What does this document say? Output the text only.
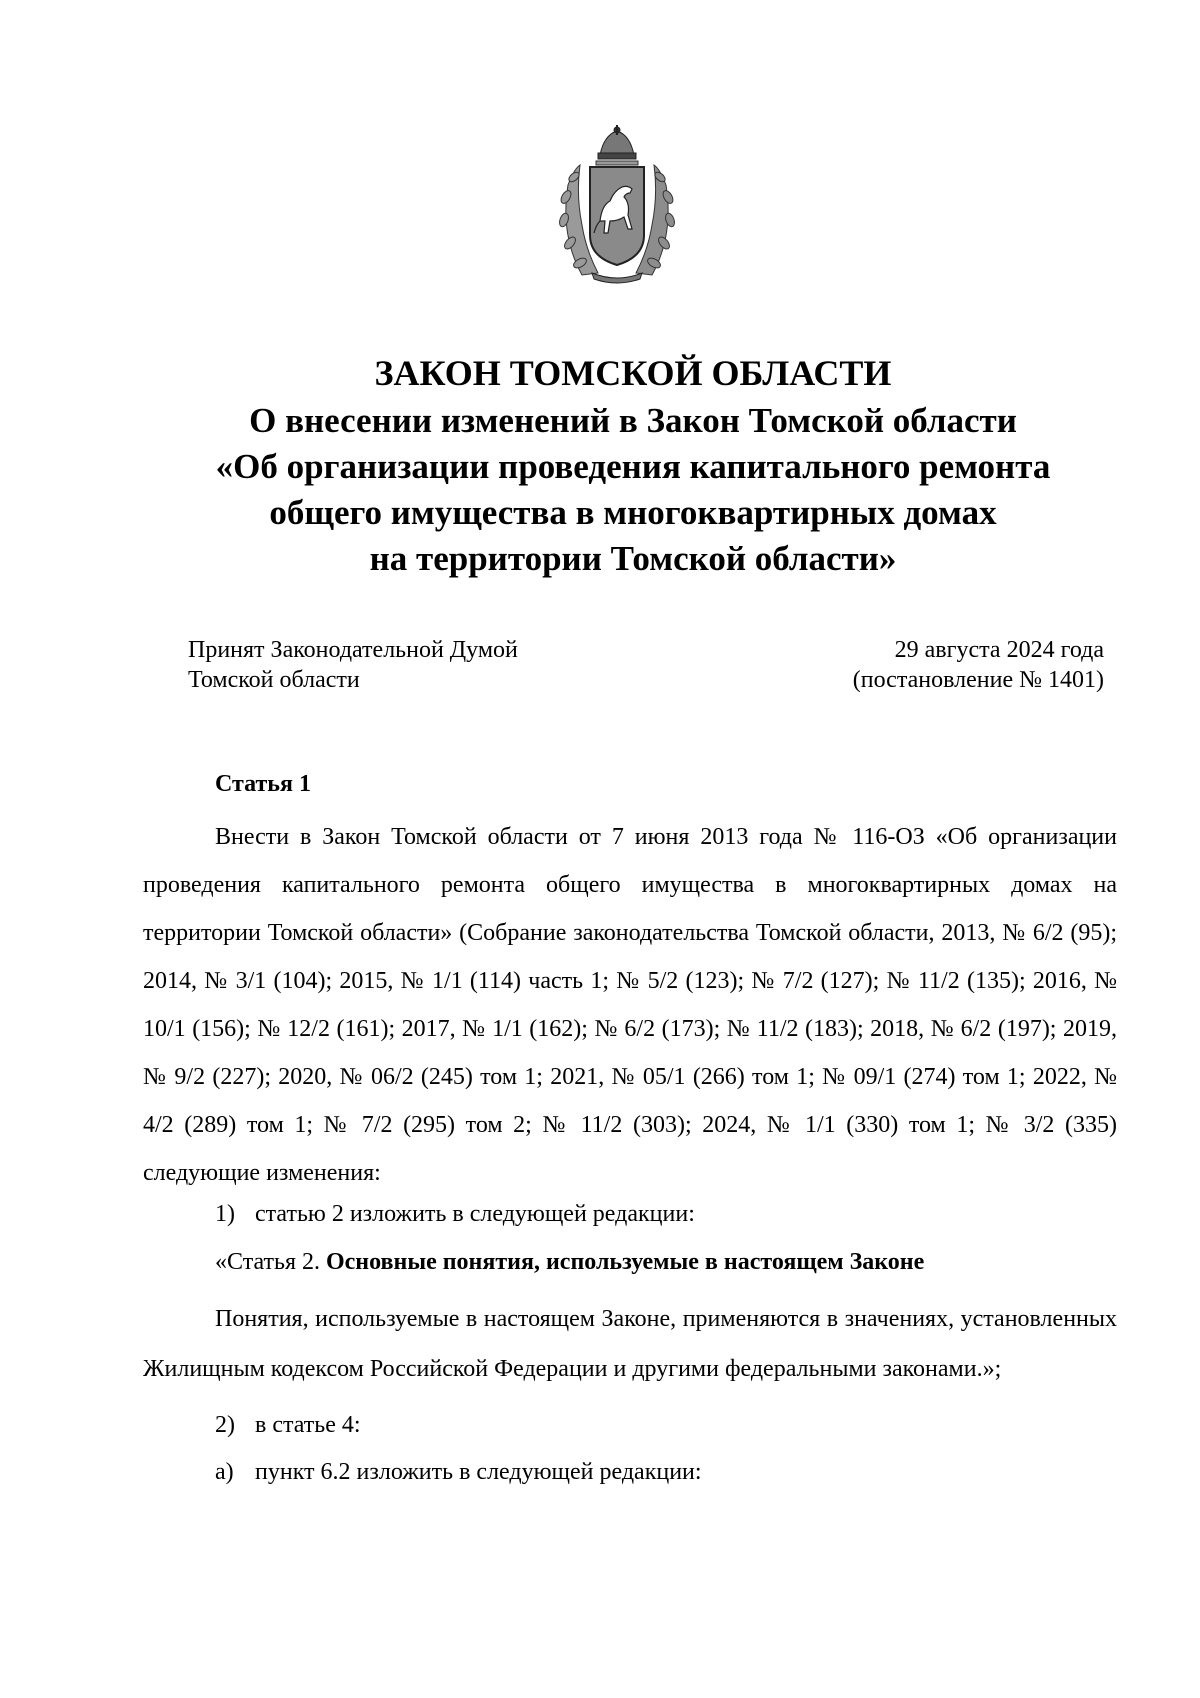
ЗАКОН ТОМСКОЙ ОБЛАСТИ
О внесении изменений в Закон Томской области
«Об организации проведения капитального ремонта
общего имущества в многоквартирных домах
на территории Томской области»
Принят Законодательной Думой
Томской области
29 августа 2024 года
(постановление № 1401)
Статья 1

Внести в Закон Томской области от 7 июня 2013 года № 116-ОЗ «Об организации проведения капитального ремонта общего имущества в многоквартирных домах на территории Томской области» (Собрание законодательства Томской области, 2013, № 6/2 (95); 2014, № 3/1 (104); 2015, № 1/1 (114) часть 1; № 5/2 (123); № 7/2 (127); № 11/2 (135); 2016, № 10/1 (156); № 12/2 (161); 2017, № 1/1 (162); № 6/2 (173); № 11/2 (183); 2018, № 6/2 (197); 2019, № 9/2 (227); 2020, № 06/2 (245) том 1; 2021, № 05/1 (266) том 1; № 09/1 (274) том 1; 2022, № 4/2 (289) том 1; № 7/2 (295) том 2; № 11/2 (303); 2024, № 1/1 (330) том 1; № 3/2 (335) следующие изменения:

1) статью 2 изложить в следующей редакции:
«Статья 2. Основные понятия, используемые в настоящем Законе

Понятия, используемые в настоящем Законе, применяются в значениях, установленных Жилищным кодексом Российской Федерации и другими федеральными законами.»;

2) в статье 4:
а) пункт 6.2 изложить в следующей редакции:
